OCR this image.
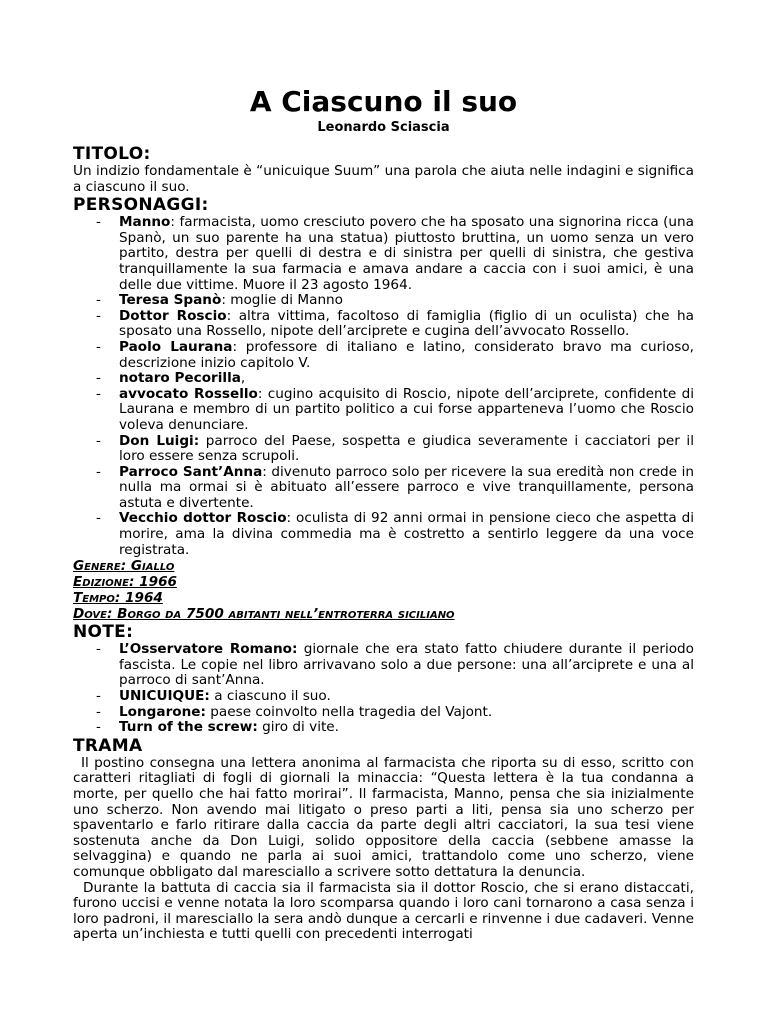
A Ciascuno il suo

Leonardo Sciascia

TITOLO:

Un indizio fondamentale è “unicuique Suum” una parola che aiuta nelle indagini e significa a ciascuno il suo.

PERSONAGGI:
- Manno: farmacista, uomo cresciuto povero che ha sposato una signorina ricca (una Spanò, un suo parente ha una statua) piuttosto bruttina, un uomo senza un vero partito, destra per quelli di destra e di sinistra per quelli di sinistra, che gestiva tranquillamente la sua farmacia e amava andare a caccia con i suoi amici, è una delle due vittime. Muore il 23 agosto 1964.
- Teresa Spanò: moglie di Manno
- Dottor Roscio: altra vittima, facoltoso di famiglia (figlio di un oculista) che ha sposato una Rossello, nipote dell’arciprete e cugina dell’avvocato Rossello.
- Paolo Laurana: professore di italiano e latino, considerato bravo ma curioso, descrizione inizio capitolo V.
- notaro Pecorilla,
- avvocato Rossello: cugino acquisito di Roscio, nipote dell’arciprete, confidente di Laurana e membro di un partito politico a cui forse apparteneva l’uomo che Roscio voleva denunciare.
- Don Luigi: parroco del Paese, sospetta e giudica severamente i cacciatori per il loro essere senza scrupoli.
- Parroco Sant’Anna: divenuto parroco solo per ricevere la sua eredità non crede in nulla ma ormai si è abituato all’essere parroco e vive tranquillamente, persona astuta e divertente.
- Vecchio dottor Roscio: oculista di 92 anni ormai in pensione cieco che aspetta di morire, ama la divina commedia ma è costretto a sentirlo leggere da una voce registrata.

Genere: Giallo

Edizione: 1966

Tempo: 1964

Dove: Borgo da 7500 abitanti nell’entroterra siciliano

NOTE:
- L’Osservatore Romano: giornale che era stato fatto chiudere durante il periodo fascista. Le copie nel libro arrivavano solo a due persone: una all’arciprete e una al parroco di sant’Anna.
- UNICUIQUE: a ciascuno il suo.
- Longarone: paese coinvolto nella tragedia del Vajont.
- Turn of the screw: giro di vite.
TRAMA

Il postino consegna una lettera anonima al farmacista che riporta su di esso, scritto con caratteri ritagliati di fogli di giornali la minaccia: “Questa lettera è la tua condanna a morte, per quello che hai fatto morirai”. Il farmacista, Manno, pensa che sia inizialmente uno scherzo. Non avendo mai litigato o preso parti a liti, pensa sia uno scherzo per spaventarlo e farlo ritirare dalla caccia da parte degli altri cacciatori, la sua tesi viene sostenuta anche da Don Luigi, solido oppositore della caccia (sebbene amasse la selvaggina) e quando ne parla ai suoi amici, trattandolo come uno scherzo, viene comunque obbligato dal maresciallo a scrivere sotto dettatura la denuncia.

Durante la battuta di caccia sia il farmacista sia il dottor Roscio, che si erano distaccati, furono uccisi e venne notata la loro scomparsa quando i loro cani tornarono a casa senza i loro padroni, il maresciallo la sera andò dunque a cercarli e rinvenne i due cadaveri. Venne aperta un’inchiesta e tutti quelli con precedenti interrogati
